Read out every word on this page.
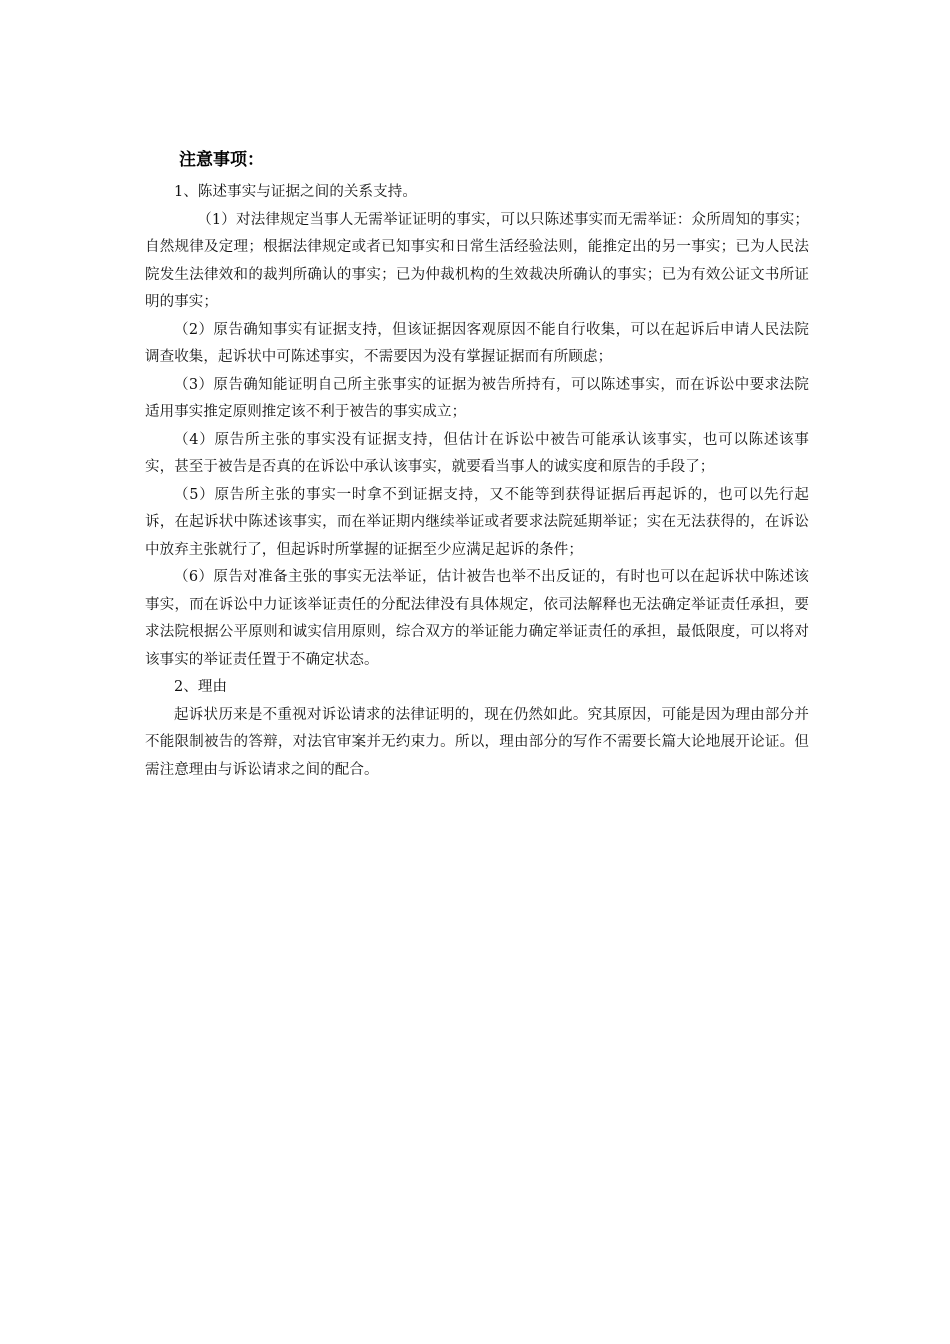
注意事项：

1、陈述事实与证据之间的关系支持。

（1）对法律规定当事人无需举证证明的事实，可以只陈述事实而无需举证：众所周知的事实；自然规律及定理；根据法律规定或者已知事实和日常生活经验法则，能推定出的另一事实；已为人民法院发生法律效和的裁判所确认的事实；已为仲裁机构的生效裁决所确认的事实；已为有效公证文书所证明的事实；

（2）原告确知事实有证据支持，但该证据因客观原因不能自行收集，可以在起诉后申请人民法院调查收集，起诉状中可陈述事实，不需要因为没有掌握证据而有所顾虑；

（3）原告确知能证明自己所主张事实的证据为被告所持有，可以陈述事实，而在诉讼中要求法院适用事实推定原则推定该不利于被告的事实成立；

（4）原告所主张的事实没有证据支持，但估计在诉讼中被告可能承认该事实，也可以陈述该事实，甚至于被告是否真的在诉讼中承认该事实，就要看当事人的诚实度和原告的手段了；

（5）原告所主张的事实一时拿不到证据支持，又不能等到获得证据后再起诉的，也可以先行起诉，在起诉状中陈述该事实，而在举证期内继续举证或者要求法院延期举证；实在无法获得的，在诉讼中放弃主张就行了，但起诉时所掌握的证据至少应满足起诉的条件；

（6）原告对准备主张的事实无法举证，估计被告也举不出反证的，有时也可以在起诉状中陈述该事实，而在诉讼中力证该举证责任的分配法律没有具体规定，依司法解释也无法确定举证责任承担，要求法院根据公平原则和诚实信用原则，综合双方的举证能力确定举证责任的承担，最低限度，可以将对该事实的举证责任置于不确定状态。

2、理由

起诉状历来是不重视对诉讼请求的法律证明的，现在仍然如此。究其原因，可能是因为理由部分并不能限制被告的答辩，对法官审案并无约束力。所以，理由部分的写作不需要长篇大论地展开论证。但需注意理由与诉讼请求之间的配合。
